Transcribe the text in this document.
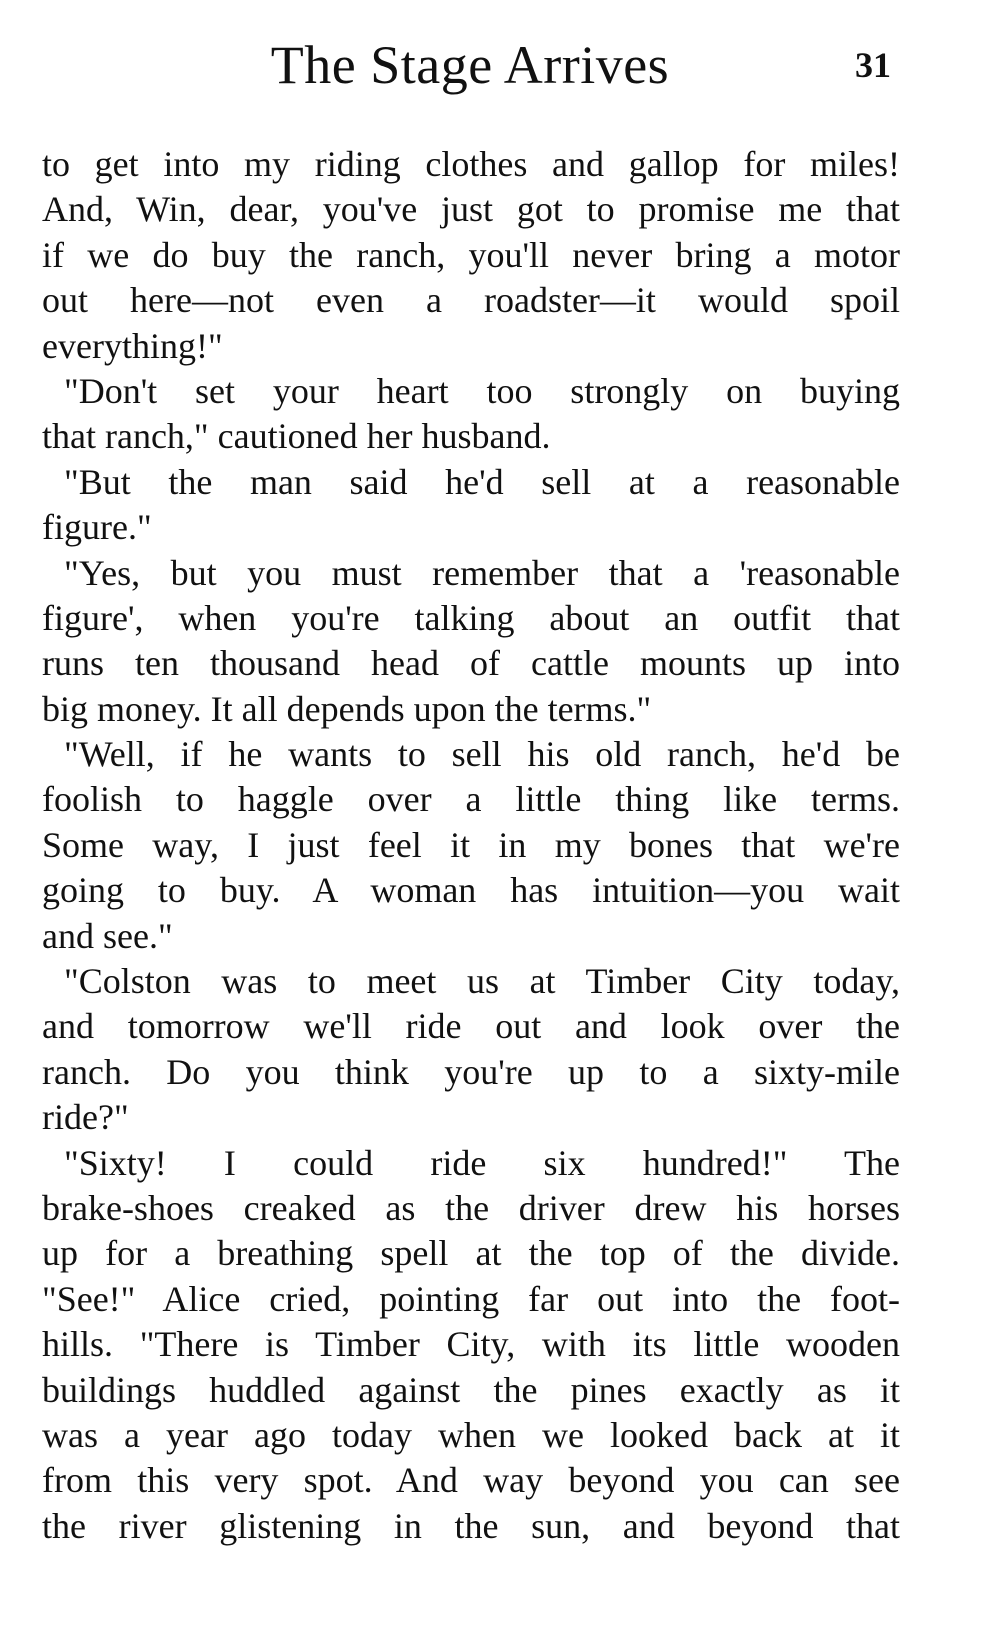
The Stage Arrives	31
to get into my riding clothes and gallop for miles!
And, Win, dear, you've just got to promise me that
if we do buy the ranch, you'll never bring a motor
out here—not even a roadster—it would spoil
everything!"
"Don't set your heart too strongly on buying
that ranch," cautioned her husband.
"But the man said he'd sell at a reasonable
figure."
"Yes, but you must remember that a 'reasonable
figure', when you're talking about an outfit that
runs ten thousand head of cattle mounts up into
big money. It all depends upon the terms."
"Well, if he wants to sell his old ranch, he'd be
foolish to haggle over a little thing like terms.
Some way, I just feel it in my bones that we're
going to buy. A woman has intuition—you wait
and see."
"Colston was to meet us at Timber City today,
and tomorrow we'll ride out and look over the
ranch. Do you think you're up to a sixty-mile
ride?"
"Sixty! I could ride six hundred!" The
brake-shoes creaked as the driver drew his horses
up for a breathing spell at the top of the divide.
"See!" Alice cried, pointing far out into the foot-
hills. "There is Timber City, with its little wooden
buildings huddled against the pines exactly as it
was a year ago today when we looked back at it
from this very spot. And way beyond you can see
the river glistening in the sun, and beyond that
